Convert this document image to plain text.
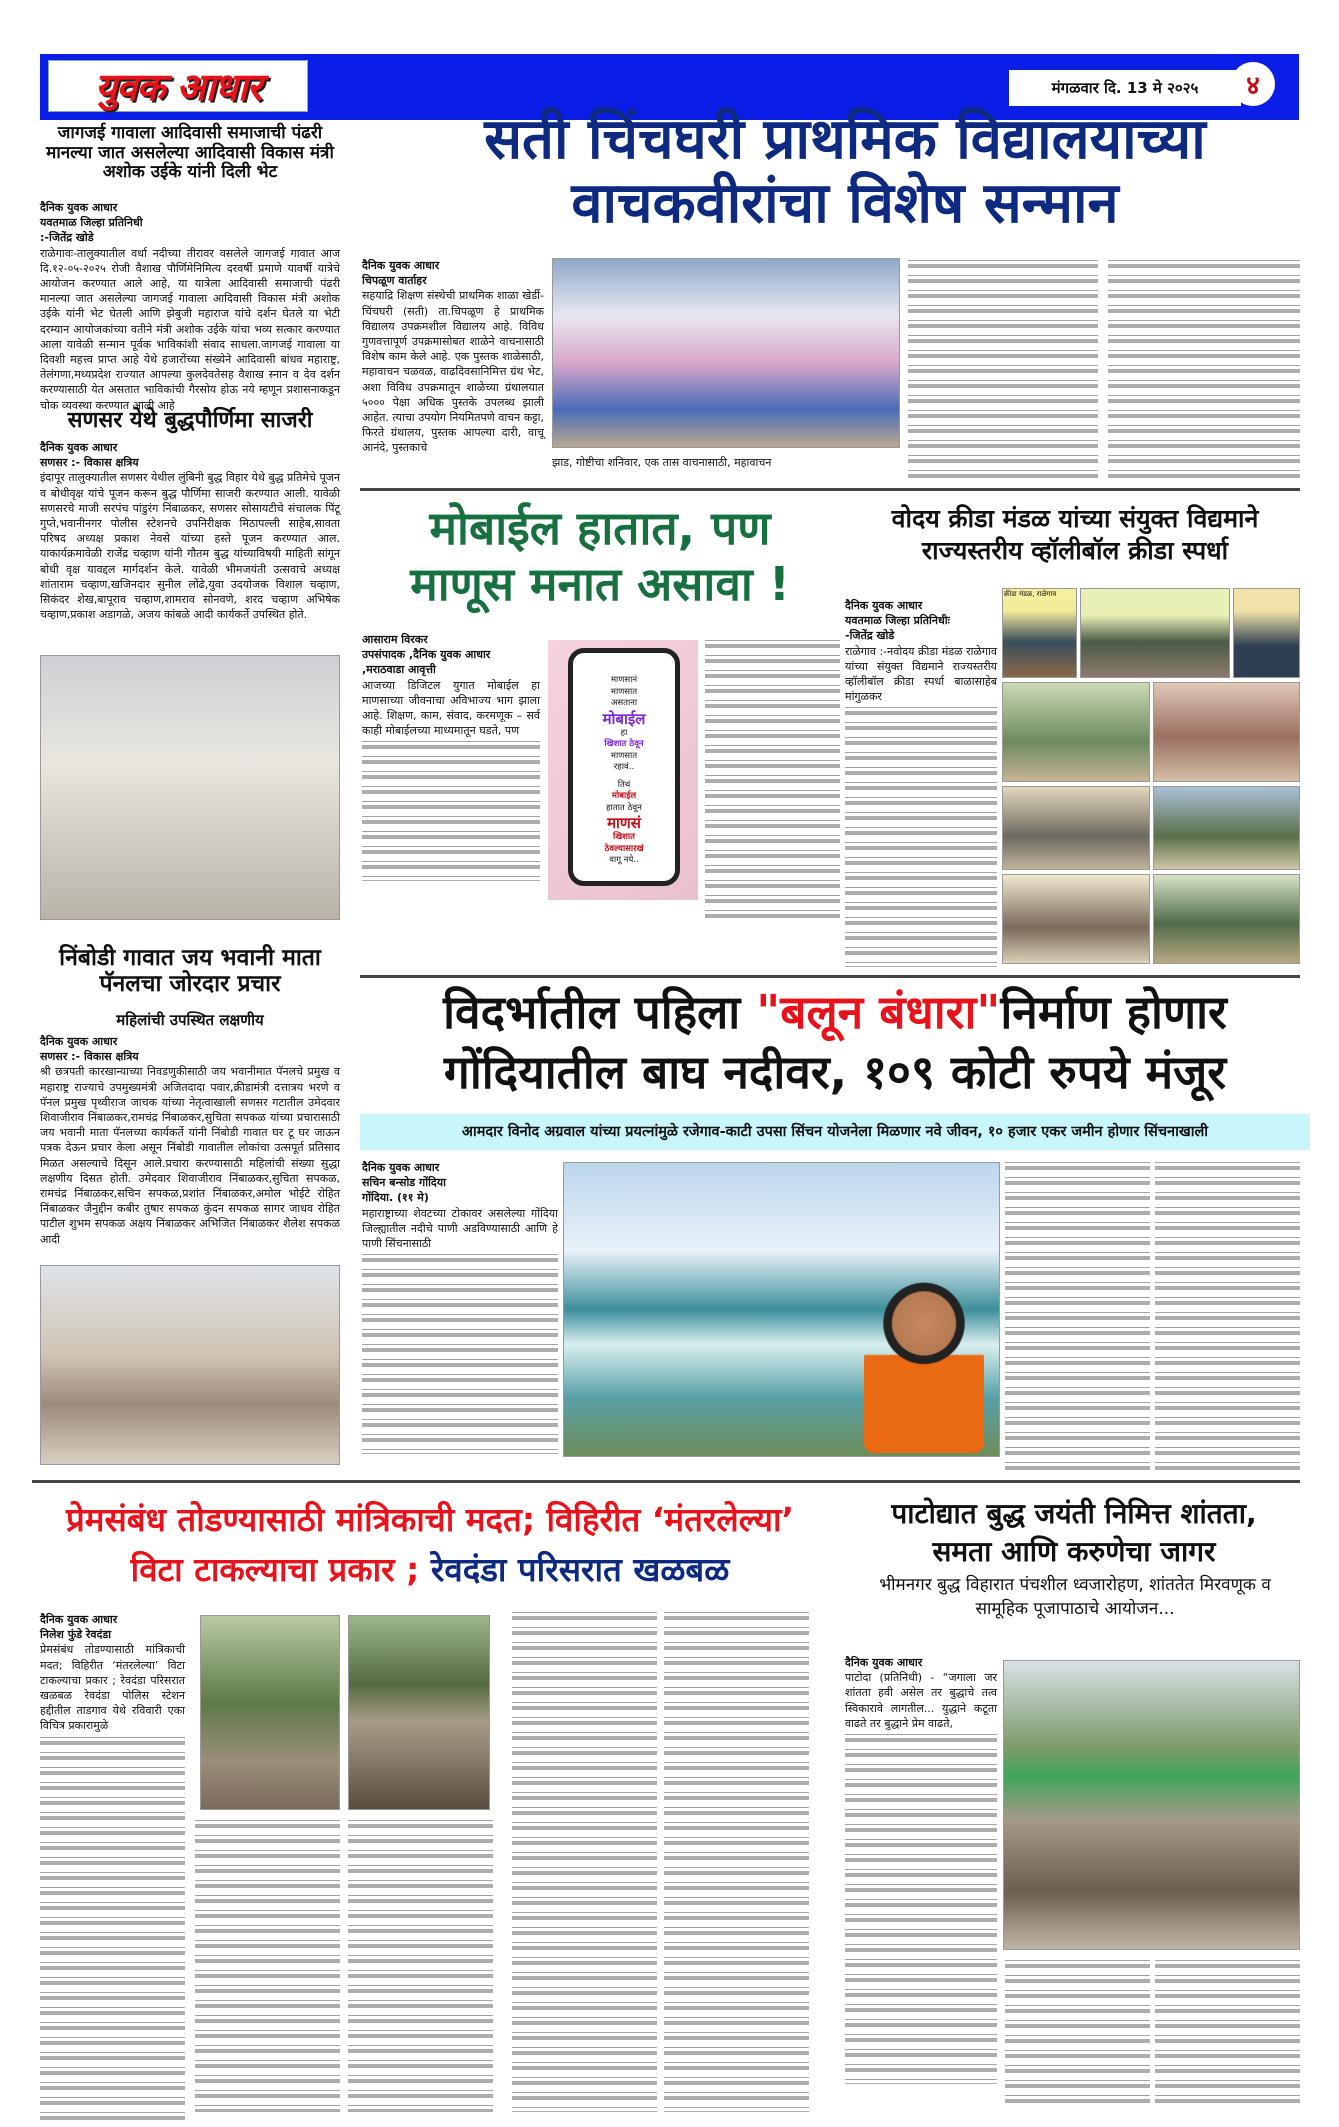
युवक आधार	मंगळवार दि. 13 मे २०२५	४
जागजई गावाला आदिवासी समाजाची पंढरी मानल्या जात असलेल्या आदिवासी विकास मंत्री अशोक उईके यांनी दिली भेट
दैनिक युवक आधार
यवतमाळ जिल्हा प्रतिनिधी
:-जितेंद्र खोडे
राळेगावः-तालुक्यातील वर्धा नदीच्या तीरावर वसलेले जागजई गावात आज दि.१२-०५-२०२५ रोजी वैशाख पौर्णिमेनिमित्य दरवर्षी प्रमाणे यावर्षी यात्रेचे आयोजन करण्यात आले आहे, या यात्रेला आदिवासी समाजाची पंढरी मानल्या जात असलेल्या जागजई गावाला आदिवासी विकास मंत्री अशोक उईके यांनी भेट घेतली आणि झेबुजी महाराज यांचे दर्शन घेतले या भेटी दरम्यान आयोजकांच्या वतीने मंत्री अशोक उईके यांचा भव्य सत्कार करण्यात आला यावेळी सन्मान पूर्वक भाविकांशी संवाद साधला.जागजई गावाला या दिवशी महत्त्व प्राप्त आहे येथे हजारोंच्या संख्येने आदिवासी बांधव महाराष्ट्र, तेलंगणा,मध्यप्रदेश राज्यात आपल्या कुलदेवतेसह वैशाख स्नान व देव दर्शन करण्यासाठी येत असतात भाविकांची गैरसोय होऊ नये म्हणून प्रशासनाकडून चोक व्यवस्था करण्यात आली आहे
सणसर येथे बुद्धपौर्णिमा साजरी
दैनिक युवक आधार
सणसर :- विकास क्षत्रिय
इंदापूर तालुक्यातील सणसर येथील लुंबिनी बुद्ध विहार येथे बुद्ध प्रतिमेचे पूजन व बोधीवृक्ष यांचे पूजन करून बुद्ध पौर्णिमा साजरी करण्यात आली. यावेळी सणसरचे माजी सरपंच पांडुरंग निंबाळकर, सणसर सोसायटीचे संचालक पिंटू गुप्ते,भवानीनगर पोलीस स्टेशनचे उपनिरीक्षक मिठापल्ली साहेब,सावता परिषद अध्यक्ष प्रकाश नेवसे यांच्या हस्ते पूजन करण्यात आल. याकार्यक्रमावेळी राजेंद्र चव्हाण यांनी गौतम बुद्ध यांच्याविषयी माहिती सांगून बोधी वृक्ष यावद्दल मार्गदर्शन केले. यावेळी भीमजयंती उत्सवाचे अध्यक्ष शांताराम चव्हाण,खजिनदार सुनील लोंढे,युवा उदयोजक विशाल चव्हाण, सिकंदर शेख,बापूराव चव्हाण,शामराव सोनवणे, शरद चव्हाण अभिषेक चव्हाण,प्रकाश अडागळे, अजय कांबळे आदी कार्यकर्ते उपस्थित होते.
निंबोडी गावात जय भवानी माता पॅनलचा जोरदार प्रचार
महिलांची उपस्थित लक्षणीय
दैनिक युवक आधार
सणसर :- विकास क्षत्रिय
श्री छत्रपती कारखान्याच्या निवडणुकीसाठी जय भवानीमात पॅनलचे प्रमुख व महाराष्ट्र राज्याचे उपमुख्यमंत्री अजितदादा पवार,क्रीडामंत्री दत्तात्रय भरणे व पॅनल प्रमुख पृथ्वीराज जाचक यांच्या नेतृत्वाखाली सणसर गटातील उमेदवार शिवाजीराव निंबाळकर,रामचंद्र निंबाळकर,सुचिता सपकळ यांच्या प्रचारासाठी जय भवानी माता पॅनलच्या कार्यकर्ते यांनी निंबोडी गावात घर टू घर जाऊन पत्रक देऊन प्रचार केला असून निंबोडी गावातील लोकांचा उत्सपूर्त प्रतिसाद मिळत असल्याचे दिसून आले.प्रचारा करण्यासाठी महिलांची संख्या सुद्धा लक्षणीय दिसत होती. उमेदवार शिवाजीराव निंबाळकर,सुचिता सपकळ, रामचंद्र निंबाळकर,सचिन सपकळ,प्रशांत निंबाळकर,अमोल भोईटे रोहित निंबाळकर जैनुद्दीन कबीर तुषार सपकळ कुंदन सपकळ सागर जाधव रोहित पाटील शुभम सपकळ अक्षय निंबाळकर अभिजित निंबाळकर शैलेश सपकळ आदी
सती चिंचघरी प्राथमिक विद्यालयाच्या
वाचकवीरांचा विशेष सन्मान
दैनिक युवक आधार
चिपळूण वार्ताहर
सहयाद्रि शिक्षण संस्थेची प्राथमिक शाळा खेर्डी-चिंचघरी (सती) ता.चिपळूण हे प्राथमिक विद्यालय उपक्रमशील विद्यालय आहे. विविध गुणवत्तापूर्ण उपक्रमासोबत शाळेने वाचनासाठी विशेष काम केले आहे. एक पुस्तक शाळेसाठी, महावाचन चळवळ, वाढदिवसानिमित्त ग्रंथ भेट, अशा विविध उपक्रमातून शाळेच्या ग्रंथालयात ५००० पेक्षा अधिक पुस्तके उपलब्ध झाली आहेत. त्याचा उपयोग नियमितपणे वाचन कट्टा, फिरते ग्रंथालय, पुस्तक आपल्या दारी, वाचू आनंदे, पुस्तकाचे
झाड, गोष्टीचा शनिवार, एक तास वाचनासाठी, महावाचन
मोबाईल हातात, पण
माणूस मनात असावा !
आसाराम विरकर
उपसंपादक ,दैनिक युवक आधार
,मराठवाडा आवृत्ती
आजच्या डिजिटल युगात मोबाईल हा माणसाच्या जीवनाचा अविभाज्य भाग झाला आहे. शिक्षण, काम, संवाद, करमणूक – सर्व काही मोबाईलच्या माध्यमातून घडते, पण
माणसानं
माणसात
असताना
मोबाईल
हा
खिशात ठेवून
माणसात
रहावं..
तिथं
मोबाईल
हातात ठेवून
माणसं
खिशात
ठेवल्यासारखं
वागू नये..
वोदय क्रीडा मंडळ यांच्या संयुक्त विद्यमाने
राज्यस्तरीय व्हॉलीबॉल क्रीडा स्पर्धा
दैनिक युवक आधार
यवतमाळ जिल्हा प्रतिनिधीः
-जितेंद्र खोडे
राळेगाव :-नवोदय क्रीडा मंडळ राळेगाव यांच्या संयुक्त विद्यमाने राज्यस्तरीय व्हॉलीबॉल क्रीडा स्पर्धा बाळासाहेब मांगुळकर
क्रीडा मंडळ, राळेगाव
विदर्भातील पहिला "बलून बंधारा"निर्माण होणार
गोंदियातील बाघ नदीवर, १०९ कोटी रुपये मंजूर
आमदार विनोद अग्रवाल यांच्या प्रयत्नांमुळे रजेगाव-काटी उपसा सिंचन योजनेला मिळणार नवे जीवन, १० हजार एकर जमीन होणार सिंचनाखाली
दैनिक युवक आधार
सचिन बन्सोड गोंदिया
गोंदिया. (११ मे)
महाराष्ट्राच्या शेवटच्या टोकावर असलेल्या गोंदिया जिल्ह्यातील नदीचे पाणी अडविण्यासाठी आणि हे पाणी सिंचनासाठी
प्रेमसंबंध तोडण्यासाठी मांत्रिकाची मदत; विहिरीत ‘मंतरलेल्या’
विटा टाकल्याचा प्रकार ; रेवदंडा परिसरात खळबळ
दैनिक युवक आधार
निलेश फुंडे रेवदंडा
प्रेमसंबंध तोडण्यासाठी मांत्रिकाची मदत; विहिरीत ‘मंतरलेल्या’ विटा टाकल्याचा प्रकार ; रेवदंडा परिसरात खळबळ रेवदंडा पोलिस स्टेशन हद्दीतील ताडगाव येथे रविवारी एका विचित्र प्रकारामुळे
पाटोद्यात बुद्ध जयंती निमित्त शांतता,
समता आणि करुणेचा जागर
भीमनगर बुद्ध विहारात पंचशील ध्वजारोहण, शांततेत मिरवणूक व सामूहिक पूजापाठाचे आयोजन...
दैनिक युवक आधार
पाटोदा (प्रतिनिधी) - “जगाला जर शांतता हवी असेल तर बुद्धाचे तत्व स्विकारावे लागतील... युद्धाने कटूता वाढते तर बुद्धाने प्रेम वाढते,
